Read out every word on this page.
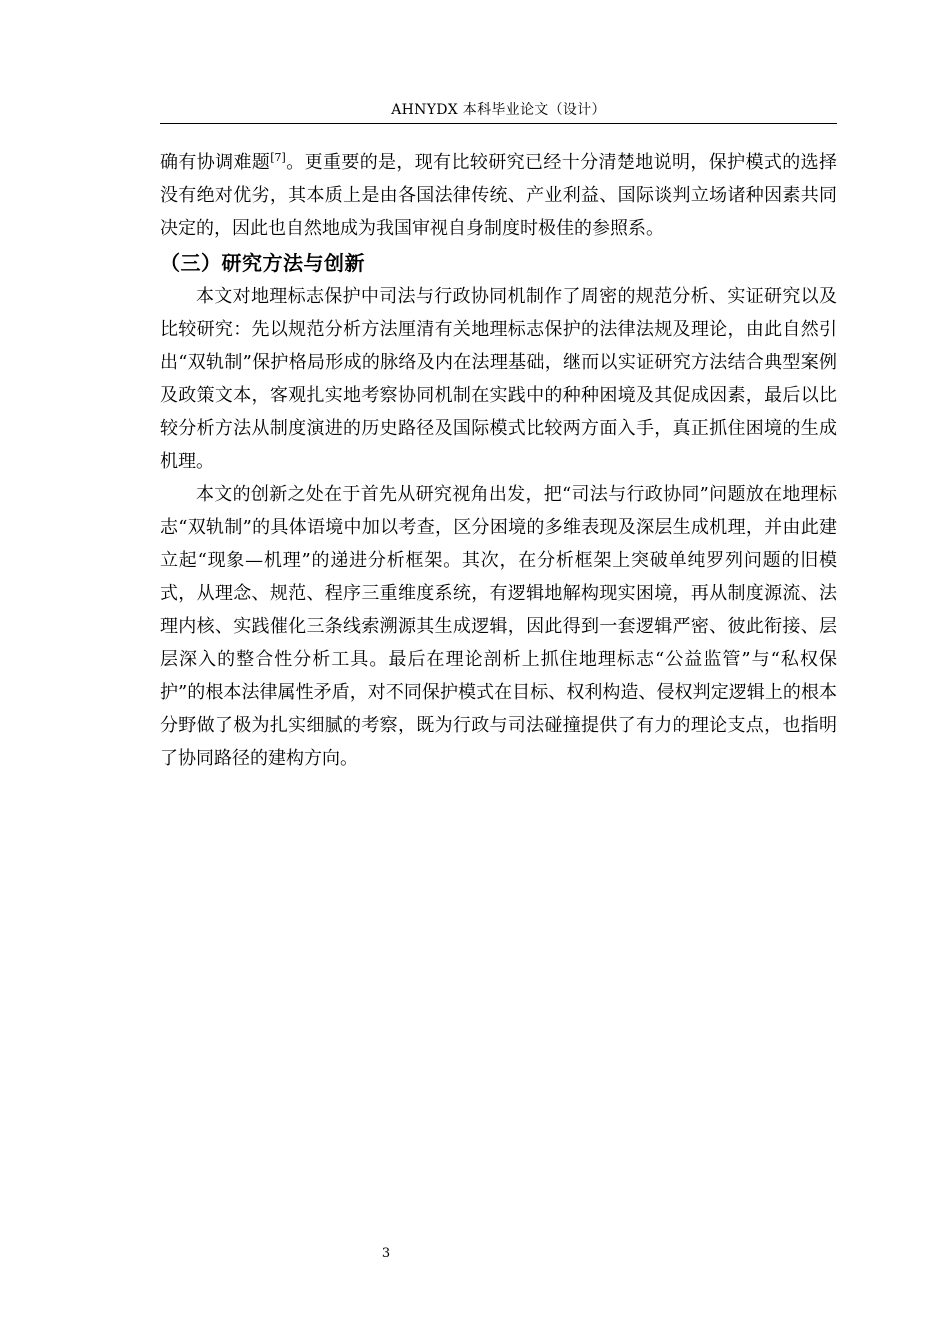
AHNYDX 本科毕业论文（设计）

确有协调难题[7]。更重要的是，现有比较研究已经十分清楚地说明，保护模式的选择没有绝对优劣，其本质上是由各国法律传统、产业利益、国际谈判立场诸种因素共同决定的，因此也自然地成为我国审视自身制度时极佳的参照系。

（三）研究方法与创新

本文对地理标志保护中司法与行政协同机制作了周密的规范分析、实证研究以及比较研究：先以规范分析方法厘清有关地理标志保护的法律法规及理论，由此自然引出“双轨制”保护格局形成的脉络及内在法理基础，继而以实证研究方法结合典型案例及政策文本，客观扎实地考察协同机制在实践中的种种困境及其促成因素，最后以比较分析方法从制度演进的历史路径及国际模式比较两方面入手，真正抓住困境的生成机理。

本文的创新之处在于首先从研究视角出发，把“司法与行政协同”问题放在地理标志“双轨制”的具体语境中加以考查，区分困境的多维表现及深层生成机理，并由此建立起“现象—机理”的递进分析框架。其次，在分析框架上突破单纯罗列问题的旧模式，从理念、规范、程序三重维度系统，有逻辑地解构现实困境，再从制度源流、法理内核、实践催化三条线索溯源其生成逻辑，因此得到一套逻辑严密、彼此衔接、层层深入的整合性分析工具。最后在理论剖析上抓住地理标志“公益监管”与“私权保护”的根本法律属性矛盾，对不同保护模式在目标、权利构造、侵权判定逻辑上的根本分野做了极为扎实细腻的考察，既为行政与司法碰撞提供了有力的理论支点，也指明了协同路径的建构方向。

3
